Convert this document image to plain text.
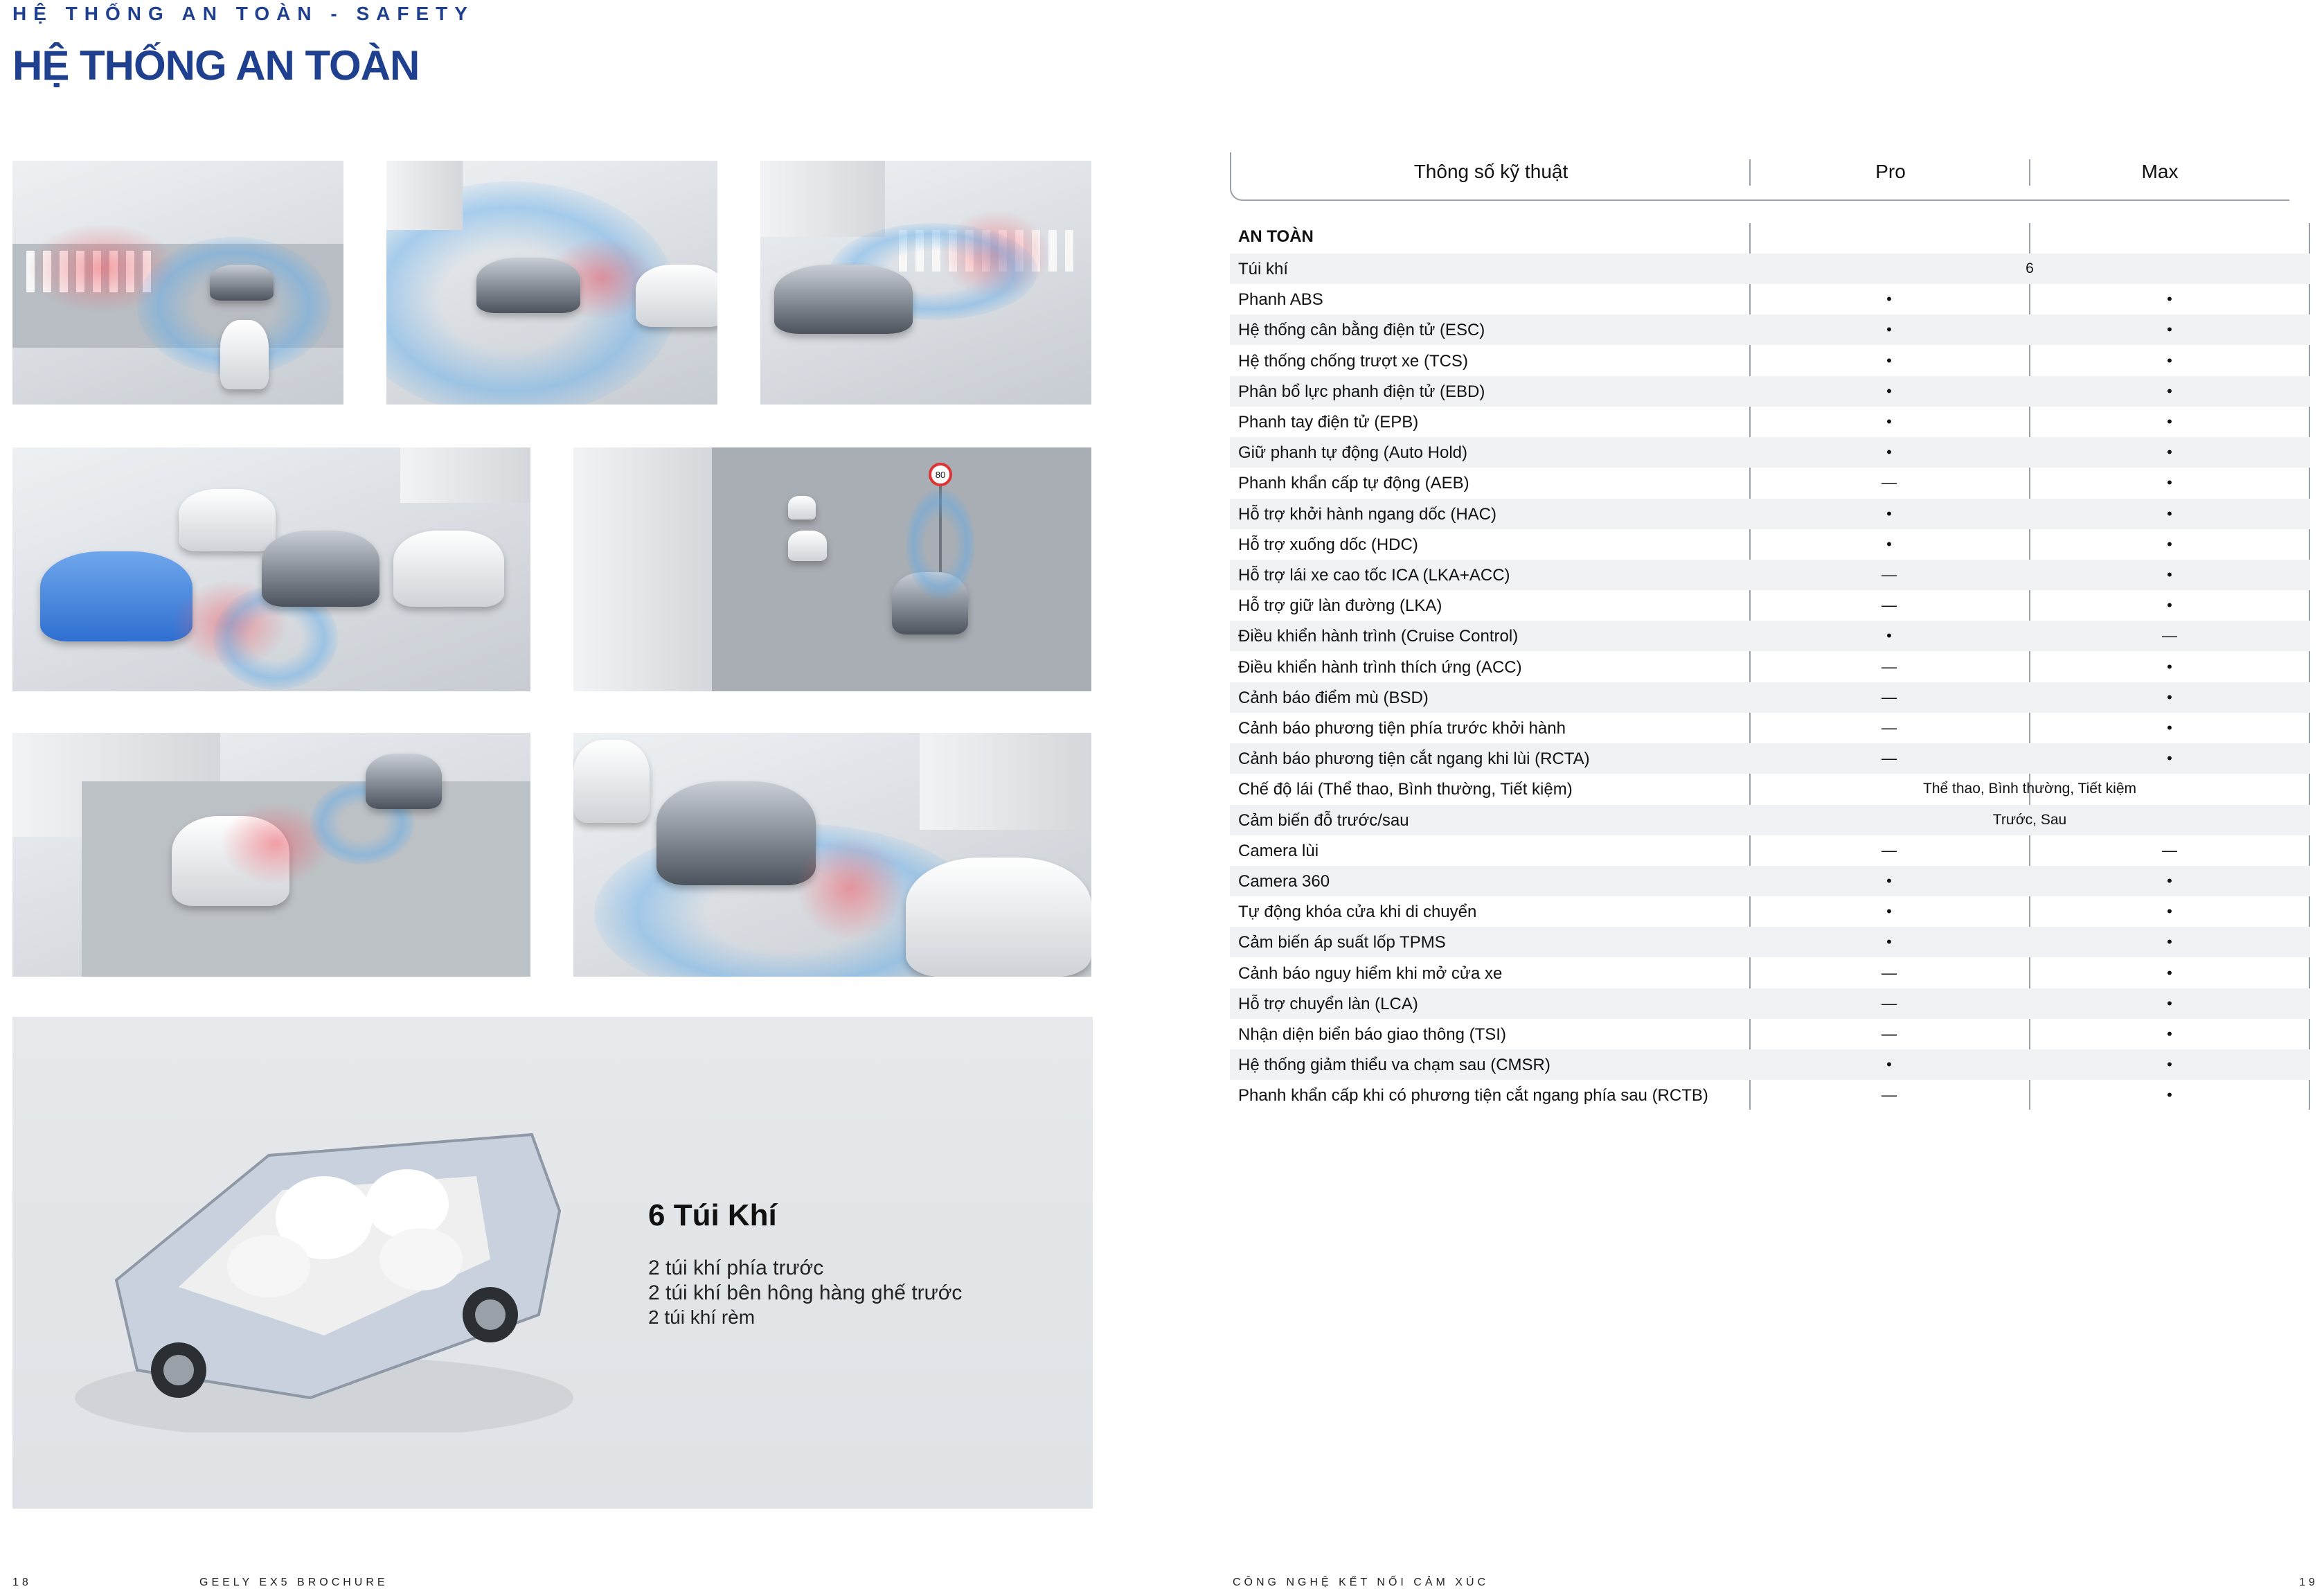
HỆ THỐNG AN TOÀN - SAFETY
HỆ THỐNG AN TOÀN
80
6 Túi Khí
2 túi khí phía trước
2 túi khí bên hông hàng ghế trước
2 túi khí rèm
Thông số kỹ thuật	Pro	Max
AN TOÀN
Túi khí	6
Phanh ABS	•	•
Hệ thống cân bằng điện tử (ESC)	•	•
Hệ thống chống trượt xe (TCS)	•	•
Phân bổ lực phanh điện tử (EBD)	•	•
Phanh tay điện tử (EPB)	•	•
Giữ phanh tự động (Auto Hold)	•	•
Phanh khẩn cấp tự động (AEB)	—	•
Hỗ trợ khởi hành ngang dốc (HAC)	•	•
Hỗ trợ xuống dốc (HDC)	•	•
Hỗ trợ lái xe cao tốc ICA (LKA+ACC)	—	•
Hỗ trợ giữ làn đường (LKA)	—	•
Điều khiển hành trình (Cruise Control)	•	—
Điều khiển hành trình thích ứng (ACC)	—	•
Cảnh báo điểm mù (BSD)	—	•
Cảnh báo phương tiện phía trước khởi hành	—	•
Cảnh báo phương tiện cắt ngang khi lùi (RCTA)	—	•
Chế độ lái (Thể thao, Bình thường, Tiết kiệm)	Thể thao, Bình thường, Tiết kiệm
Cảm biến đỗ trước/sau	Trước, Sau
Camera lùi	—	—
Camera 360	•	•
Tự động khóa cửa khi di chuyển	•	•
Cảm biến áp suất lốp TPMS	•	•
Cảnh báo nguy hiểm khi mở cửa xe	—	•
Hỗ trợ chuyển làn (LCA)	—	•
Nhận diện biển báo giao thông (TSI)	—	•
Hệ thống giảm thiểu va chạm sau (CMSR)	•	•
Phanh khẩn cấp khi có phương tiện cắt ngang phía sau (RCTB)	—	•
18	GEELY EX5 BROCHURE	CÔNG NGHỆ KẾT NỐI CẢM XÚC	19
